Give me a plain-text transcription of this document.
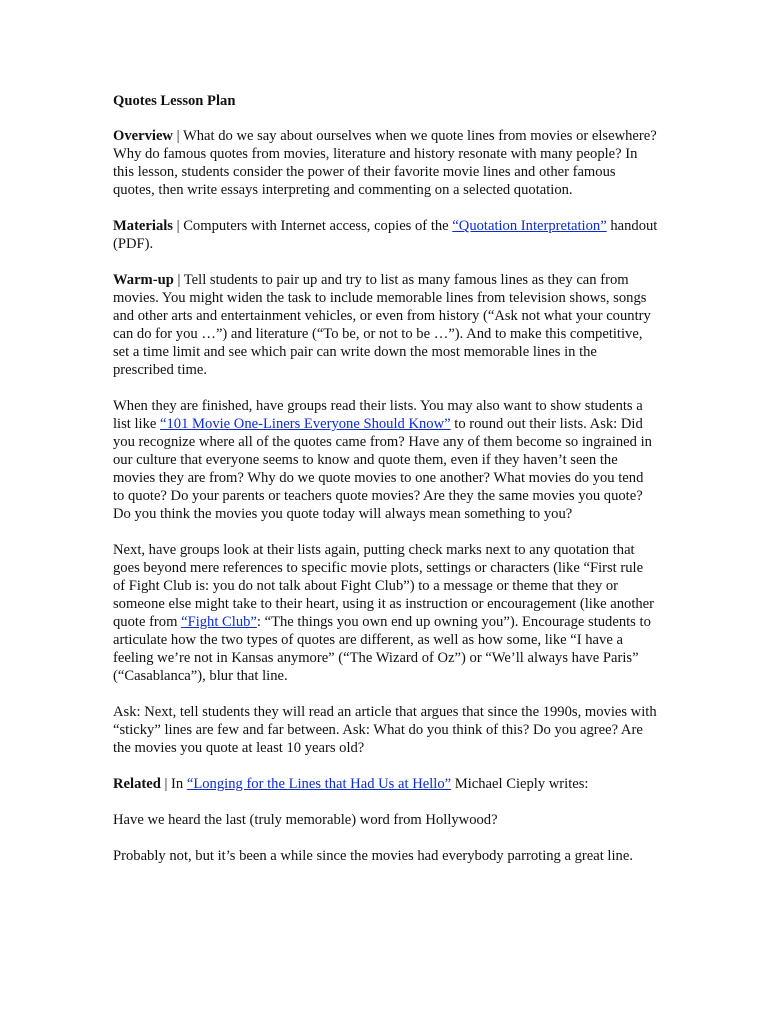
Quotes Lesson Plan

Overview | What do we say about ourselves when we quote lines from movies or elsewhere? Why do famous quotes from movies, literature and history resonate with many people? In this lesson, students consider the power of their favorite movie lines and other famous quotes, then write essays interpreting and commenting on a selected quotation.

Materials | Computers with Internet access, copies of the “Quotation Interpretation” handout (PDF).

Warm-up | Tell students to pair up and try to list as many famous lines as they can from movies. You might widen the task to include memorable lines from television shows, songs and other arts and entertainment vehicles, or even from history (“Ask not what your country can do for you …”) and literature (“To be, or not to be …”). And to make this competitive, set a time limit and see which pair can write down the most memorable lines in the prescribed time.

When they are finished, have groups read their lists. You may also want to show students a list like “101 Movie One-Liners Everyone Should Know” to round out their lists. Ask: Did you recognize where all of the quotes came from? Have any of them become so ingrained in our culture that everyone seems to know and quote them, even if they haven’t seen the movies they are from? Why do we quote movies to one another? What movies do you tend to quote? Do your parents or teachers quote movies? Are they the same movies you quote? Do you think the movies you quote today will always mean something to you?

Next, have groups look at their lists again, putting check marks next to any quotation that goes beyond mere references to specific movie plots, settings or characters (like “First rule of Fight Club is: you do not talk about Fight Club”) to a message or theme that they or someone else might take to their heart, using it as instruction or encouragement (like another quote from “Fight Club”: “The things you own end up owning you”). Encourage students to articulate how the two types of quotes are different, as well as how some, like “I have a feeling we’re not in Kansas anymore” (“The Wizard of Oz”) or “We’ll always have Paris” (“Casablanca”), blur that line.

Ask: Next, tell students they will read an article that argues that since the 1990s, movies with “sticky” lines are few and far between. Ask: What do you think of this? Do you agree? Are the movies you quote at least 10 years old?

Related | In “Longing for the Lines that Had Us at Hello” Michael Cieply writes:

Have we heard the last (truly memorable) word from Hollywood?

Probably not, but it’s been a while since the movies had everybody parroting a great line.
